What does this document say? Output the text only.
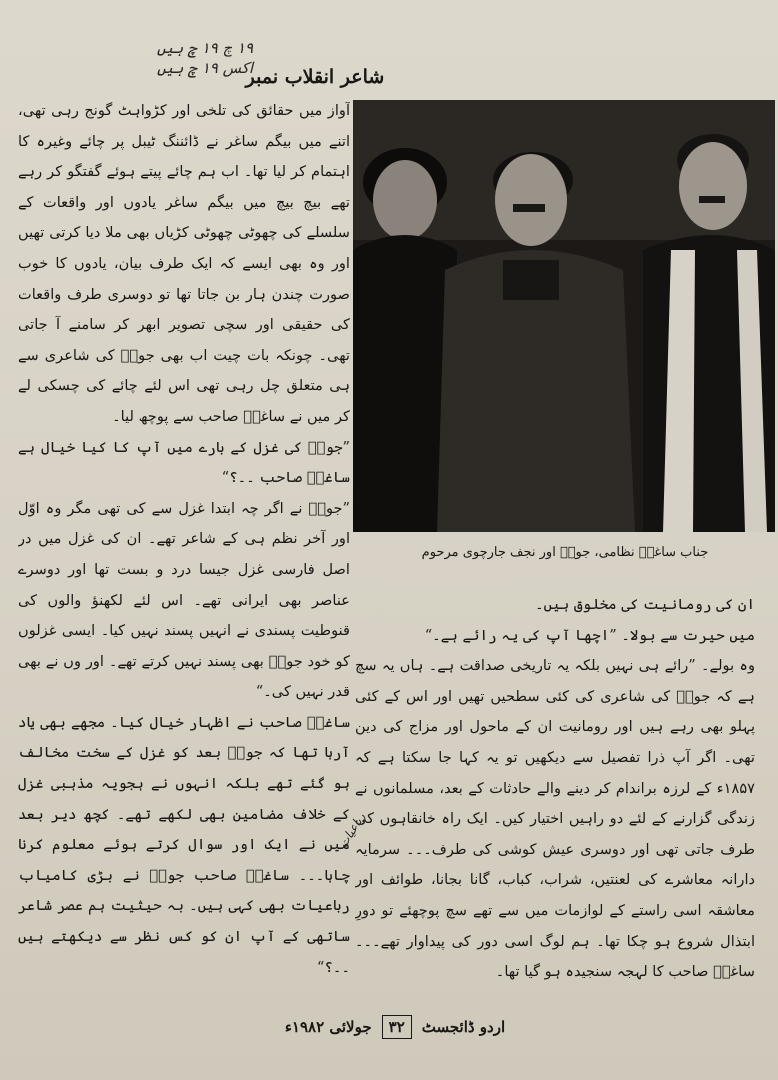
۱۹ چ ۱۹ چ ہیں
اکس ۱۹ چ ہیں	شاعر انقلاب نمبر

آواز میں حقائق کی تلخی اور کڑواہٹ گونج رہی تھی، اتنے میں بیگم ساغر نے ڈائننگ ٹیبل پر چائے وغیرہ کا اہتمام کر لیا تھا۔ اب ہم چائے پیتے ہوئے گفتگو کر رہے تھے بیچ بیچ میں بیگم ساغر یادوں اور واقعات کے سلسلے کی چھوٹی چھوٹی کڑیاں بھی ملا دیا کرتی تھیں اور وہ بھی ایسے کہ ایک طرف بیان، یادوں کا خوب صورت چندن ہار بن جاتا تھا تو دوسری طرف واقعات کی حقیقی اور سچی تصویر ابھر کر سامنے آ جاتی تھی۔ چونکہ بات چیت اب بھی جوشؔ کی شاعری سے ہی متعلق چل رہی تھی اس لئے چائے کی چسکی لے کر میں نے ساغرؔ صاحب سے پوچھ لیا۔

”جوشؔ کی غزل کے بارے میں آپ کا کیا خیال ہے ساغرؔ صاحب ۔۔؟“

”جوشؔ نے اگر چہ ابتدا غزل سے کی تھی مگر وہ اوّل اور آخر نظم ہی کے شاعر تھے۔ ان کی غزل میں در اصل فارسی غزل جیسا درد و بست تھا اور دوسرے عناصر بھی ایرانی تھے۔ اس لئے لکھنؤ والوں کی قنوطیت پسندی نے انہیں پسند نہیں کیا۔ ایسی غزلوں کو خود جوشؔ بھی پسند نہیں کرتے تھے۔ اور وں نے بھی قدر نہیں کی۔“

ساغرؔ صاحب نے اظہار خیال کیا۔ مجھے بھی یاد آرہا تھا کہ جوشؔ بعد کو غزل کے سخت مخالف ہو گئے تھے بلکہ انہوں نے ہجویہ مذہبی غزل کے خلاف مضامین بھی لکھے تھے۔ کچھ دیر بعد میں نے ایک اور سوال کرتے ہوئے معلوم کرنا چاہا۔۔۔ ساغرؔ صاحب جوشؔ نے بڑی کامیاب رباعیات بھی کہی ہیں۔ بہ حیثیت ہم عصر شاعر ساتھی کے آپ ان کو کس نظر سے دیکھتے ہیں ۔۔؟“

جناب ساغرؔ نظامی، جوشؔ اور نجف جارچوی مرحوم

ان کی رومانیت کی مخلوق ہیں۔

میں حیرت سے بولا۔ ”اچھا آپ کی یہ رائے ہے۔“

وہ بولے۔ ”رائے ہی نہیں بلکہ یہ تاریخی صداقت ہے۔ ہاں یہ سچ ہے کہ جوشؔ کی شاعری کی کئی سطحیں تھیں اور اس کے کئی پہلو بھی رہے ہیں اور رومانیت ان کے ماحول اور مزاج کی دین تھی۔ اگر آپ ذرا تفصیل سے دیکھیں تو یہ کہا جا سکتا ہے کہ ۱۸۵۷ء کے لرزہ براندام کر دینے والے حادثات کے بعد، مسلمانوں نے زندگی گزارنے کے لئے دو راہیں اختیار کیں۔ ایک راہ خانقاہوں کی طرف جاتی تھی اور دوسری عیش کوشی کی طرف۔۔۔ سرمایہ دارانہ معاشرے کی لعنتیں، شراب، کباب، گانا بجانا، طوائف اور معاشقہ اسی راستے کے لوازمات میں سے تھے سچ پوچھئے تو دورِ ابتذال شروع ہو چکا تھا۔ ہم لوگ اسی دور کی پیداوار تھے۔۔۔ ساغرؔ صاحب کا لہجہ سنجیدہ ہو گیا تھا۔

رباعیات
اردو ڈائجسٹ
۳۲
جولائی ۱۹۸۲ء
